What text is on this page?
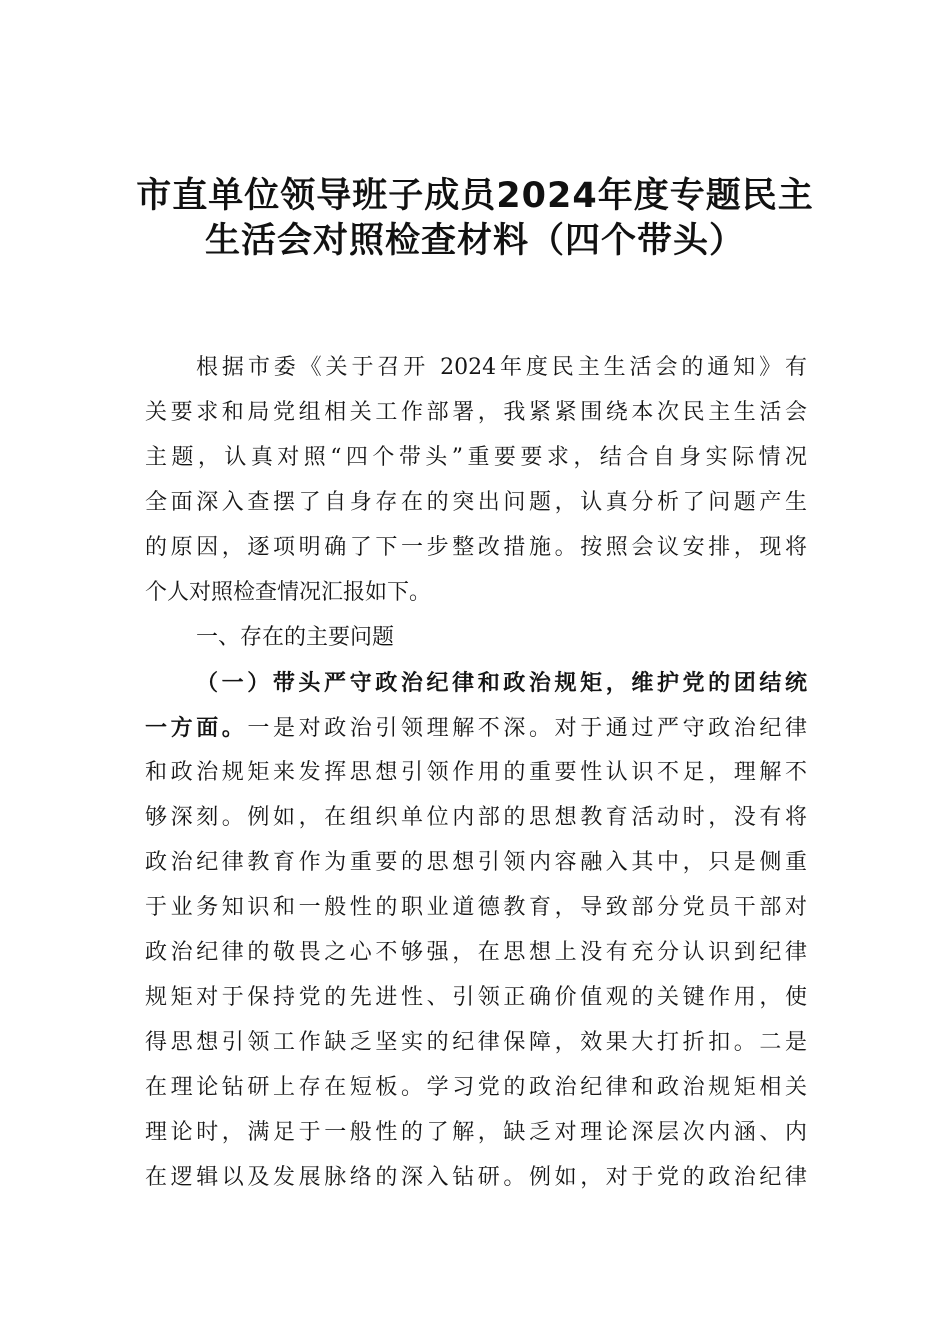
市直单位领导班子成员2024年度专题民主
生活会对照检查材料（四个带头）
根据市委《关于召开 2024年度民主生活会的通知》有
关要求和局党组相关工作部署，我紧紧围绕本次民主生活会
主题，认真对照“四个带头”重要要求，结合自身实际情况
全面深入查摆了自身存在的突出问题，认真分析了问题产生
的原因，逐项明确了下一步整改措施。按照会议安排，现将
个人对照检查情况汇报如下。
一、存在的主要问题
（一）带头严守政治纪律和政治规矩，维护党的团结统
一方面。一是对政治引领理解不深。对于通过严守政治纪律
和政治规矩来发挥思想引领作用的重要性认识不足，理解不
够深刻。例如，在组织单位内部的思想教育活动时，没有将
政治纪律教育作为重要的思想引领内容融入其中，只是侧重
于业务知识和一般性的职业道德教育，导致部分党员干部对
政治纪律的敬畏之心不够强，在思想上没有充分认识到纪律
规矩对于保持党的先进性、引领正确价值观的关键作用，使
得思想引领工作缺乏坚实的纪律保障，效果大打折扣。二是
在理论钻研上存在短板。学习党的政治纪律和政治规矩相关
理论时，满足于一般性的了解，缺乏对理论深层次内涵、内
在逻辑以及发展脉络的深入钻研。例如，对于党的政治纪律
